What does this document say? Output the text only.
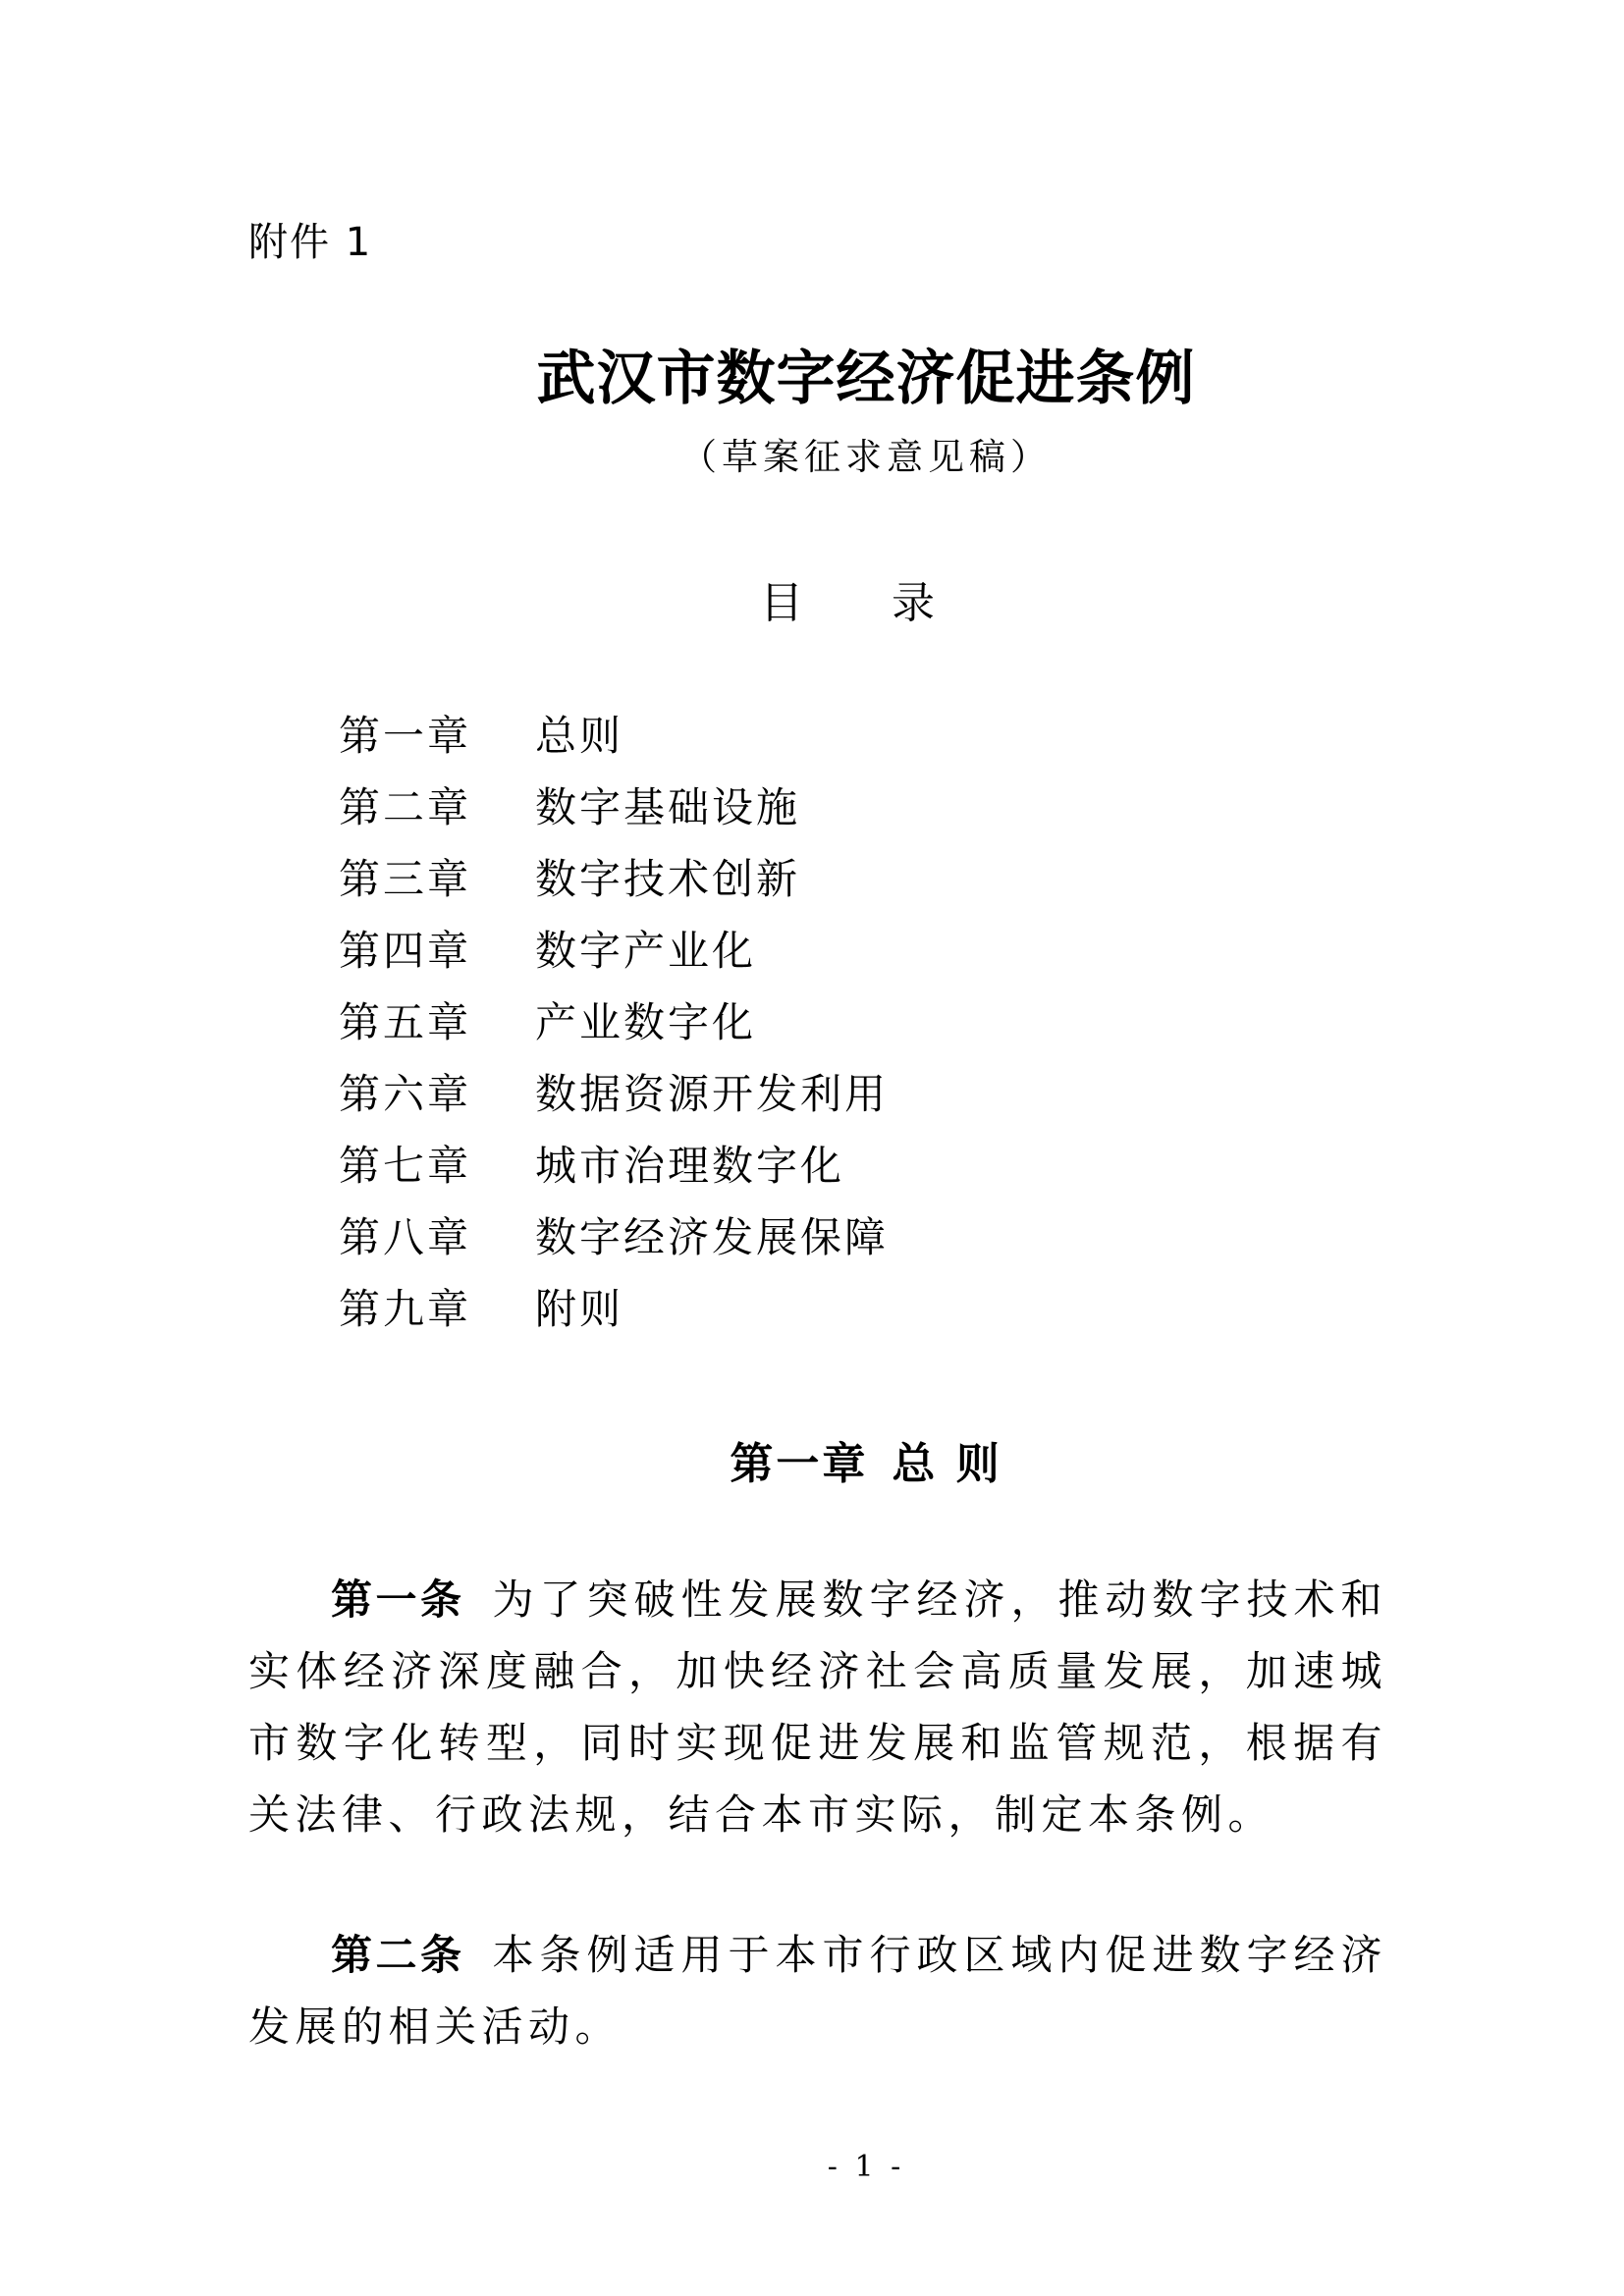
附件 1
武汉市数字经济促进条例
（草案征求意见稿）
目 录
第一章 总则
第二章 数字基础设施
第三章 数字技术创新
第四章 数字产业化
第五章 产业数字化
第六章 数据资源开发利用
第七章 城市治理数字化
第八章 数字经济发展保障
第九章 附则
第一章 总 则

第一条 为了突破性发展数字经济，推动数字技术和实体经济深度融合，加快经济社会高质量发展，加速城市数字化转型，同时实现促进发展和监管规范，根据有关法律、行政法规，结合本市实际，制定本条例。

第二条 本条例适用于本市行政区域内促进数字经济发展的相关活动。

- 1 -
